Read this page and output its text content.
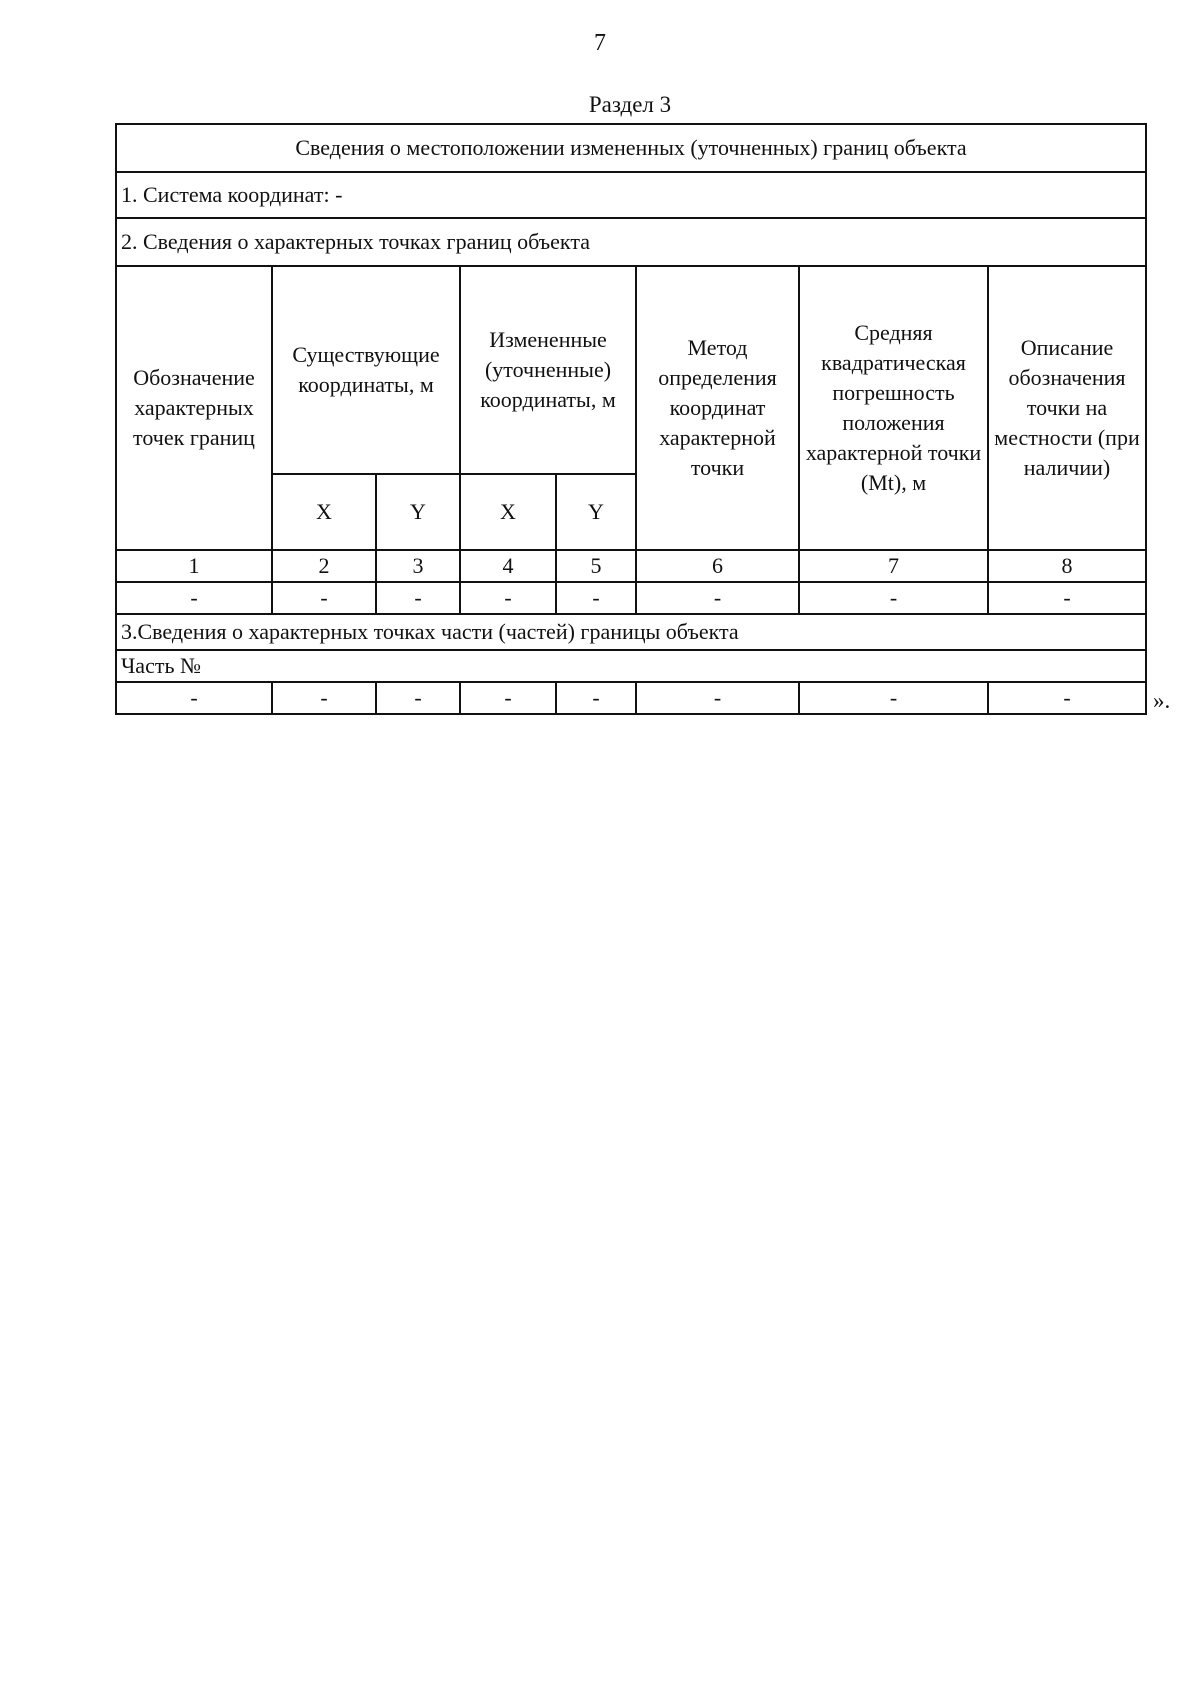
7
Раздел 3
Сведения о местоположении измененных (уточненных) границ объекта							
1. Система координат: -							
2. Сведения о характерных точках границ объекта							
Обозначение характерных точек границ	Существующие координаты, м		Измененные (уточненные) координаты, м		Метод определения координат характерной точки	Средняя квадратическая погрешность положения характерной точки (Mt), м	Описание обозначения точки на местности (при наличии)
	X	Y	X	Y			
1	2	3	4	5	6	7	8
-	-	-	-	-	-	-	-
3.Сведения о характерных точках части (частей) границы объекта							
Часть №							
-	-	-	-	-	-	-	-	».
